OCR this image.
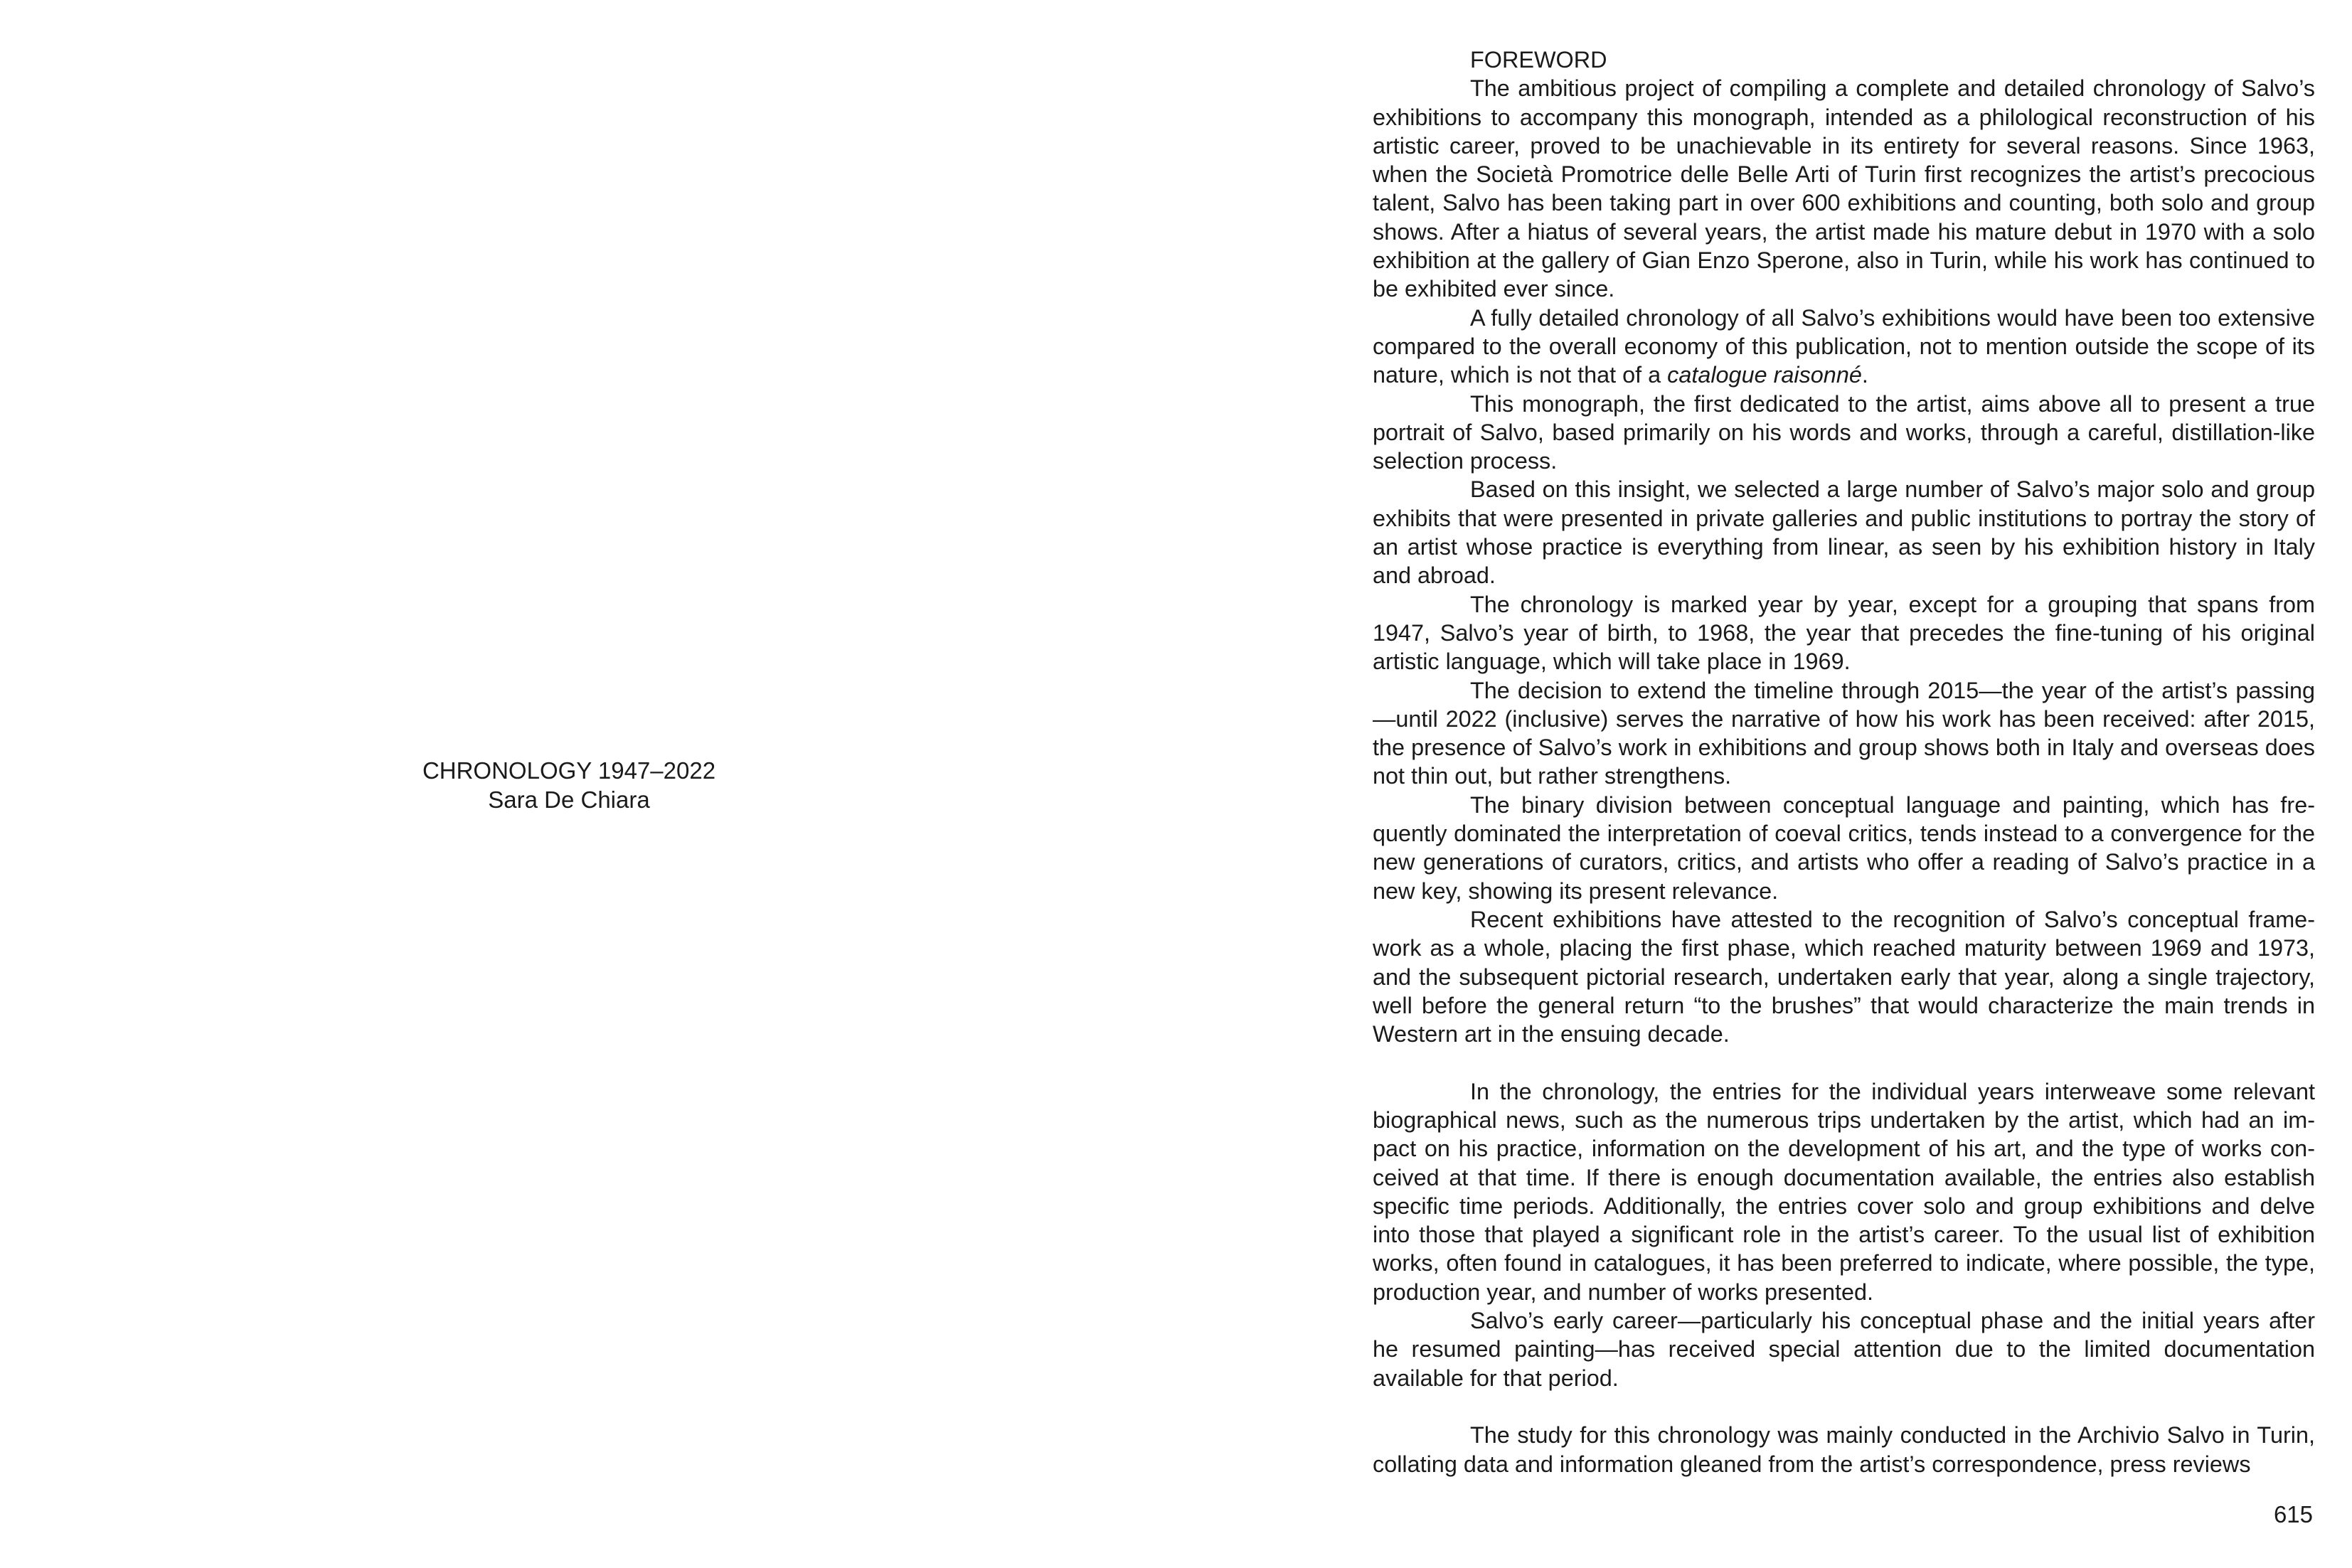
CHRONOLOGY 1947–2022
Sara De Chiara

FOREWORD

The ambitious project of compiling a complete and detailed chronology of Salvo’s exhibitions to accompany this monograph, intended as a philological reconstruction of his artistic career, proved to be unachievable in its entirety for several reasons. Since 1963, when the Società Promotrice delle Belle Arti of Turin first recognizes the artist’s precocious talent, Salvo has been taking part in over 600 exhibitions and counting, both solo and group shows. After a hiatus of several years, the artist made his mature debut in 1970 with a solo exhibition at the gallery of Gian Enzo Sperone, also in Turin, while his work has continued to be exhibited ever since.

A fully detailed chronology of all Salvo’s exhibitions would have been too extensive compared to the overall economy of this publication, not to mention outside the scope of its nature, which is not that of a catalogue raisonné.

This monograph, the first dedicated to the artist, aims above all to present a true portrait of Salvo, based primarily on his words and works, through a careful, distillation-like selection process.

Based on this insight, we selected a large number of Salvo’s major solo and group exhibits that were presented in private galleries and public institutions to portray the story of an artist whose practice is everything from linear, as seen by his exhibition history in Italy and abroad.

The chronology is marked year by year, except for a grouping that spans from 1947, Salvo’s year of birth, to 1968, the year that precedes the fine-tuning of his original artistic language, which will take place in 1969.

The decision to extend the timeline through 2015—the year of the artist’s passing—until 2022 (inclusive) serves the narrative of how his work has been received: after 2015, the presence of Salvo’s work in exhibitions and group shows both in Italy and overseas does not thin out, but rather strengthens.

The binary division between conceptual language and painting, which has frequently dominated the interpretation of coeval critics, tends instead to a convergence for the new generations of curators, critics, and artists who offer a reading of Salvo’s practice in a new key, showing its present relevance.

Recent exhibitions have attested to the recognition of Salvo’s conceptual framework as a whole, placing the first phase, which reached maturity between 1969 and 1973, and the subsequent pictorial research, undertaken early that year, along a single trajectory, well before the general return “to the brushes” that would characterize the main trends in Western art in the ensuing decade.

In the chronology, the entries for the individual years interweave some relevant biographical news, such as the numerous trips undertaken by the artist, which had an impact on his practice, information on the development of his art, and the type of works conceived at that time. If there is enough documentation available, the entries also establish specific time periods. Additionally, the entries cover solo and group exhibitions and delve into those that played a significant role in the artist’s career. To the usual list of exhibition works, often found in catalogues, it has been preferred to indicate, where possible, the type, production year, and number of works presented.

Salvo’s early career—particularly his conceptual phase and the initial years after he resumed painting—has received special attention due to the limited documentation available for that period.

The study for this chronology was mainly conducted in the Archivio Salvo in Turin, collating data and information gleaned from the artist’s correspondence, press reviews

615
